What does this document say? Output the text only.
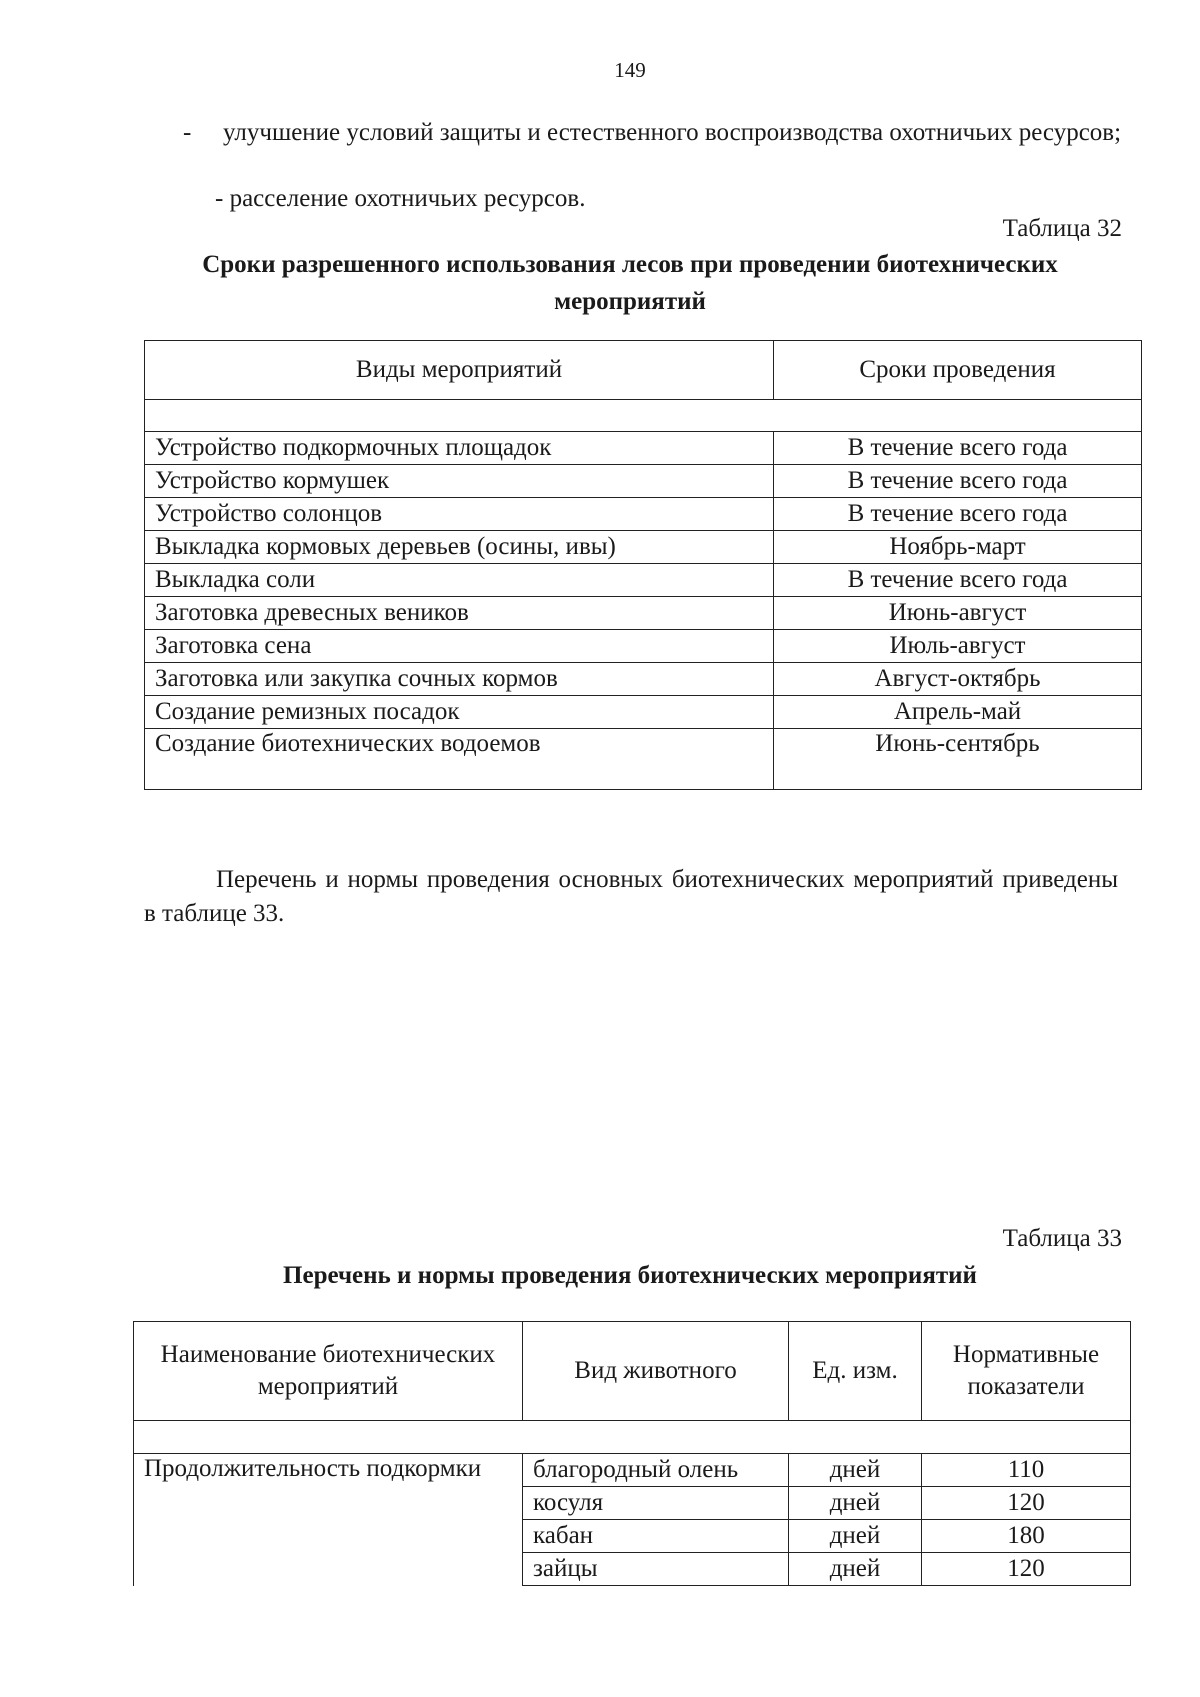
149
- улучшение условий защиты и естественного воспроизводства охотничьих ресурсов;
- расселение охотничьих ресурсов.
Таблица 32
Сроки разрешенного использования лесов при проведении биотехнических мероприятий
Виды мероприятий	Сроки проведения

Устройство подкормочных площадок	В течение всего года
Устройство кормушек	В течение всего года
Устройство солонцов	В течение всего года
Выкладка кормовых деревьев (осины, ивы)	Ноябрь-март
Выкладка соли	В течение всего года
Заготовка древесных веников	Июнь-август
Заготовка сена	Июль-август
Заготовка или закупка сочных кормов	Август-октябрь
Создание ремизных посадок	Апрель-май
Создание биотехнических водоемов	Июнь-сентябрь
Перечень и нормы проведения основных биотехнических мероприятий приведены в таблице 33.
Таблица 33
Перечень и нормы проведения биотехнических мероприятий
Наименование биотехнических мероприятий	Вид животного	Ед. изм.	Нормативные показатели

Продолжительность подкормки	благородный олень	дней	110
	косуля	дней	120
	кабан	дней	180
	зайцы	дней	120
